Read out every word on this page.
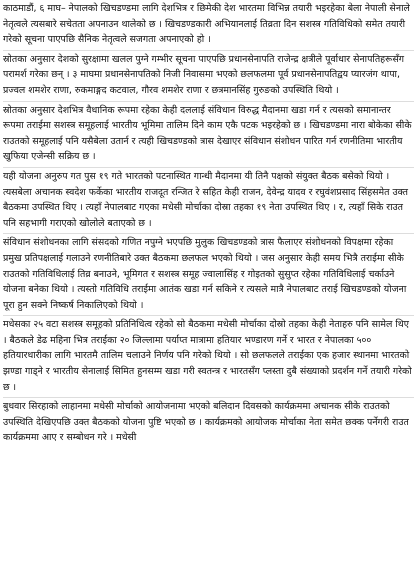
काठमाडौं, ६ माघ– नेपालको खिचडण्डमा लागि देशभित्र र छिमेकी देश भारतमा विभिन्न तयारी भइरहेका बेला नेपाली सेनाले नेतृत्वले त्यसबारे सचेतता अपनाउन थालेको छ । खिचडण्डकारी अभियानलाई तिव्रता दिन सशस्त्र गतिविधिको समेत तयारी गरेको सूचना पाएपछि सैनिक नेतृत्वले सजगता अपनाएको हो ।

स्रोतका अनुसार देशको सुरक्षामा खलल पुग्ने गम्भीर सूचना पाएपछि प्रधानसेनापति राजेन्द्र क्षत्रीले पूर्वाधार सेनापतिहरूसँग परामर्श गरेका छन् । ३ माघमा प्रधानसेनापतिको निजी निवासमा भएको छलफलमा पूर्व प्रधानसेनापतिद्वय प्यारजंग थापा, प्रज्वल शमशेर राणा, रुकमाङ्गद कटवाल, गौरव शमशेर राणा र छत्रमानसिंह गुरुङको उपस्थिति थियो ।

स्रोतका अनुसार देशभित्र वैधानिक रूपमा रहेका केही दललाई संविधान विरुद्ध मैदानमा खडा गर्न र त्यसको समानान्तर रूपमा तराईमा सशस्त्र समूहलाई भारतीय भूमिमा तालिम दिने काम एकै पटक भइरहेको छ । खिचडण्डमा नारा बोकेका सीके राउतको समूहलाई पनि यसैबेला उतार्न र त्यही खिचडण्डको त्रास देखाएर संविधान संशोधन पारित गर्न रणनीतिमा भारतीय खुफिया एजेन्सी सक्रिय छ ।

यही योजना अनुरुप गत पुस १९ गते भारतको पटनास्थित गान्धी मैदानमा यी तिनै पक्षको संयुक्त बैठक बसेको थियो । त्यसबेला अचानक स्वदेश फर्केका भारतीय राजदूत रन्जित रे सहित केही राजन, देवेन्द्र यादव र रघुवंशप्रसाद सिंहसमेत उक्त बैठकमा उपस्थित थिए । त्यहाँ नेपालबाट गएका मधेसी मोर्चाका दोस्रा तहका १९ नेता उपस्थित थिए । र, त्यहाँ सिके राउत पनि सहभागी गराएको खोलोले बताएको छ ।

संविधान संशोधनका लागि संसदको गणित नपुग्ने भएपछि मुलुक खिचडण्डको त्रास फैलाएर संशोधनको विपक्षमा रहेका प्रमुख प्रतिपक्षलाई गलाउने रणनीतिबारे उक्त बैठकमा छलफल भएको थियो । जस अनुसार केही समय भित्रै तराईमा सीके राउतको गतिविधिलाई तिव्र बनाउने, भूमिगत र सशस्त्र समूह ज्वालासिंह र गोइतको सुसुप्त रहेका गतिविधिलाई चर्काउने योजना बनेका थियो । त्यस्तो गतिविधि तराईमा आतंक खडा गर्न सकिने र त्यसले मात्रै नेपालबाट तराई खिचडण्डको योजना पूरा हुन सक्ने निष्कर्ष निकालिएको थियो ।

मधेसका २५ वटा सशस्त्र समूहको प्रतिनिधित्व रहेको सो बैठकमा मधेसी मोर्चाका दोस्रो तहका केही नेताहरु पनि सामेल थिए । बैठकले डेढ महिना भित्र तराईका २० जिल्लामा पर्याप्त मात्रामा हतियार भण्डारण गर्ने र भारत र नेपालका ५०० हतियारधारीका लागि भारतमै तालिम चलाउने निर्णय पनि गरेको थियो । सो छलफलले तराईका एक हजार स्थानमा भारतको झण्डा गाड्ने र भारतीय सेनालाई सिमित हुनसम्म खडा गरी स्वतन्त्र र भारतसँग प्लस्ता दुबै संख्याको प्रदर्शन गर्ने तयारी गरेको छ ।

बुधवार सिरहाको लाहानमा मधेसी मोर्चाको आयोजनामा भएको बलिदान दिवसको कार्यक्रममा अचानक सीके राउतको उपस्थिति देखिएपछि उक्त बैठकको योजना पुष्टि भएको छ । कार्यक्रमको आयोजक मोर्चाका नेता समेत छक्क पर्नेगरी राउत कार्यक्रममा आए र सम्बोधन गरे । मधेसी
